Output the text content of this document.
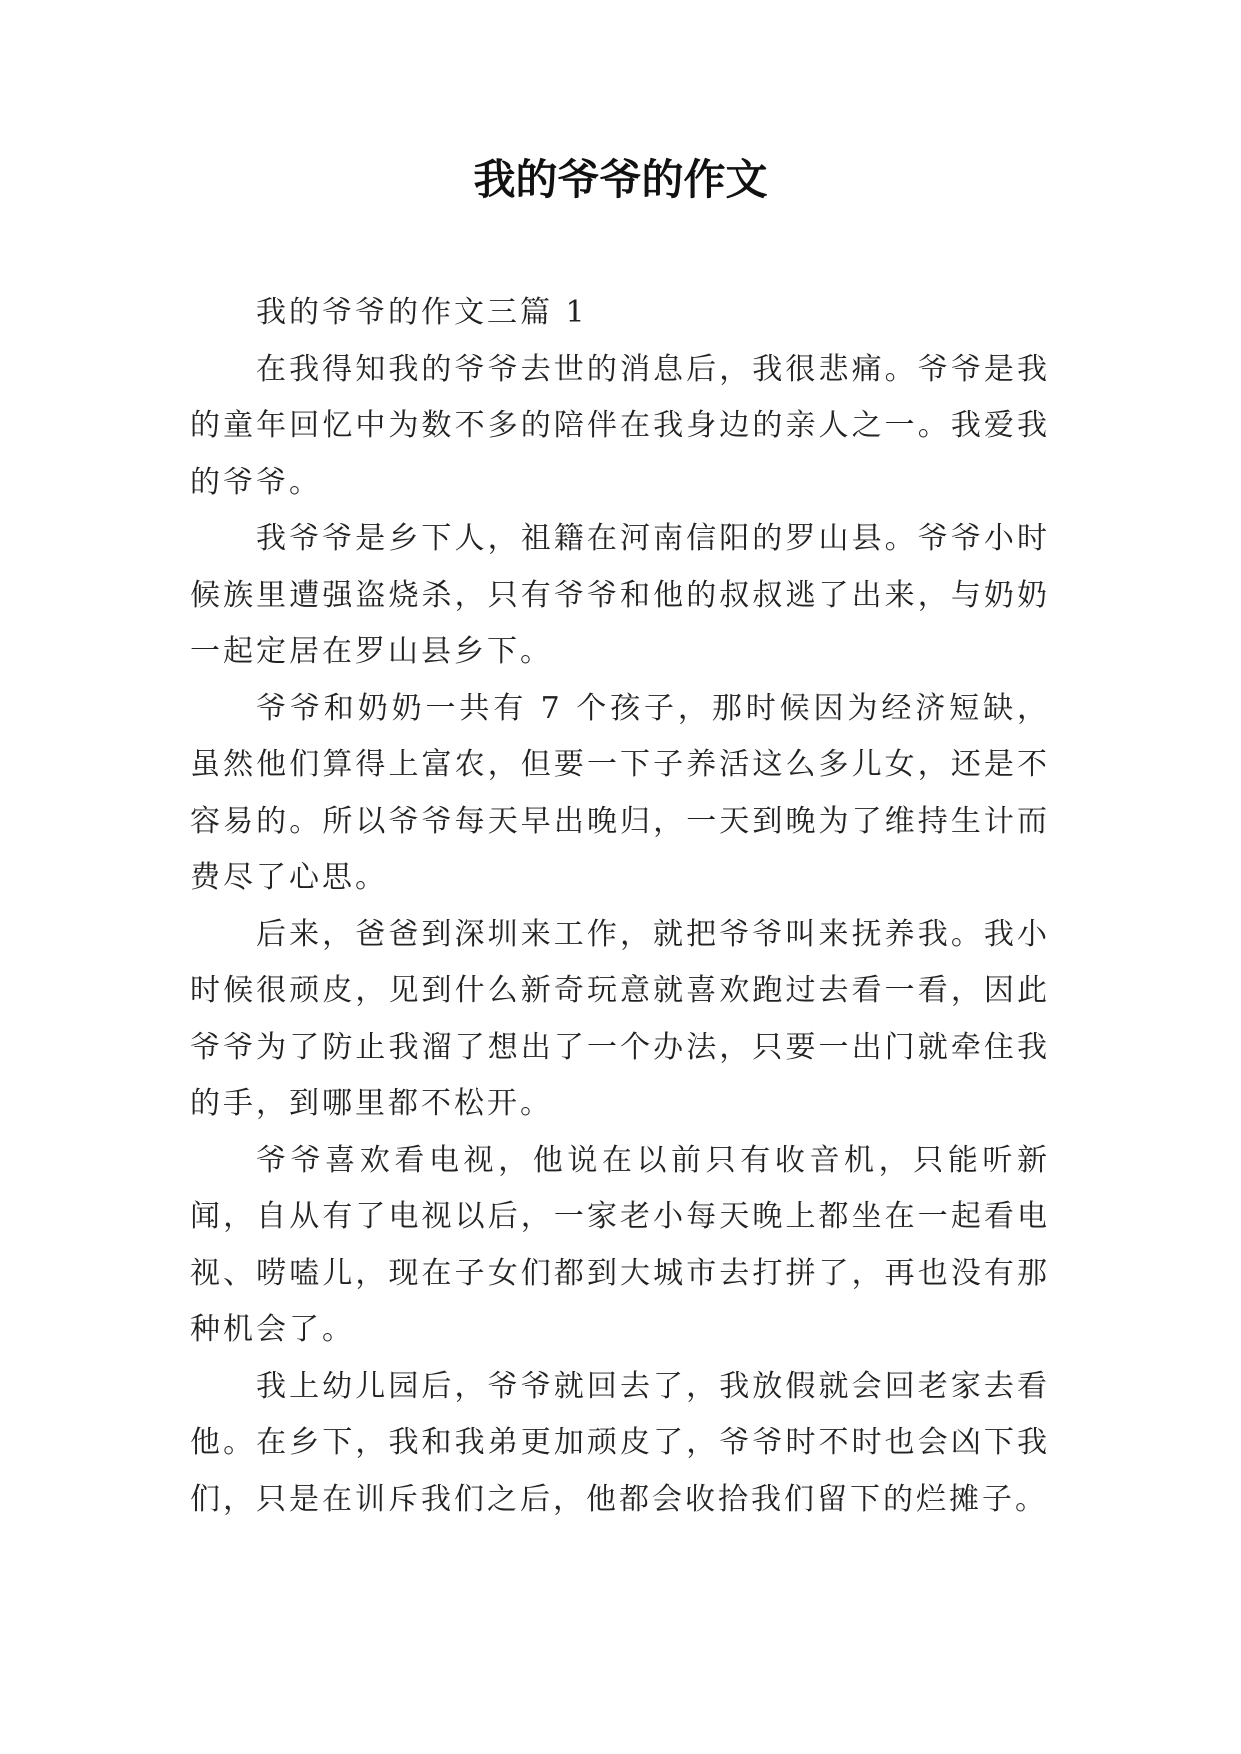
我的爷爷的作文

我的爷爷的作文三篇 1

在我得知我的爷爷去世的消息后，我很悲痛。爷爷是我的童年回忆中为数不多的陪伴在我身边的亲人之一。我爱我的爷爷。

我爷爷是乡下人，祖籍在河南信阳的罗山县。爷爷小时候族里遭强盗烧杀，只有爷爷和他的叔叔逃了出来，与奶奶一起定居在罗山县乡下。

爷爷和奶奶一共有 7 个孩子，那时候因为经济短缺，虽然他们算得上富农，但要一下子养活这么多儿女，还是不容易的。所以爷爷每天早出晚归，一天到晚为了维持生计而费尽了心思。

后来，爸爸到深圳来工作，就把爷爷叫来抚养我。我小时候很顽皮，见到什么新奇玩意就喜欢跑过去看一看，因此爷爷为了防止我溜了想出了一个办法，只要一出门就牵住我的手，到哪里都不松开。

爷爷喜欢看电视，他说在以前只有收音机，只能听新闻，自从有了电视以后，一家老小每天晚上都坐在一起看电视、唠嗑儿，现在子女们都到大城市去打拼了，再也没有那种机会了。

我上幼儿园后，爷爷就回去了，我放假就会回老家去看他。在乡下，我和我弟更加顽皮了，爷爷时不时也会凶下我们，只是在训斥我们之后，他都会收拾我们留下的烂摊子。
